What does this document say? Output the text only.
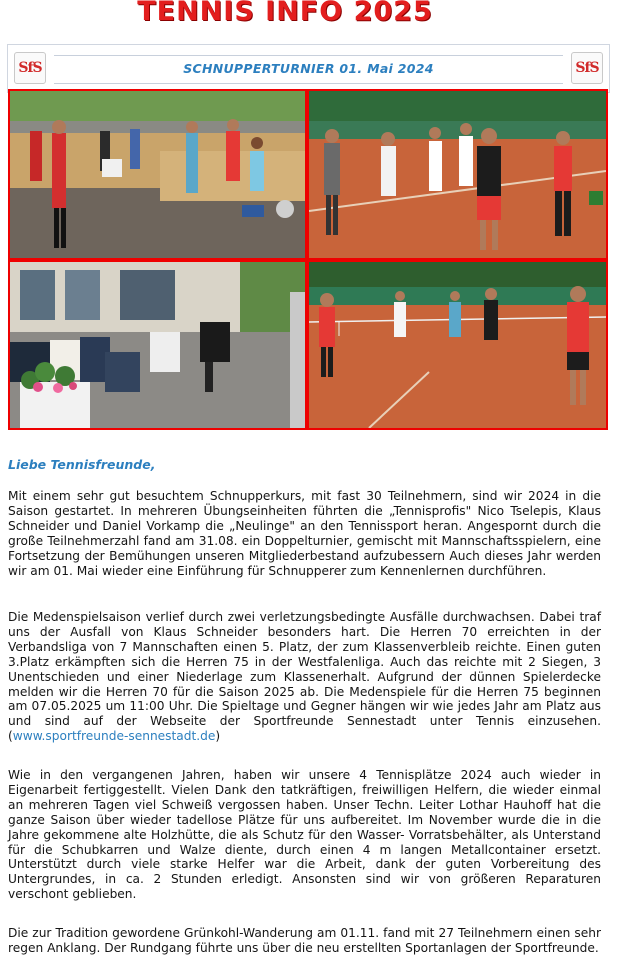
TENNIS INFO 2025
SfS	SCHNUPPERTURNIER 01. Mai 2024	SfS
Liebe Tennisfreunde,

Mit einem sehr gut besuchtem Schnupperkurs, mit fast 30 Teilnehmern, sind wir 2024 in die Saison gestartet. In mehreren Übungseinheiten führten die „Tennisprofis" Nico Tselepis, Klaus Schneider und Daniel Vorkamp die „Neulinge" an den Tennissport heran. Angespornt durch die große Teilnehmerzahl fand am 31.08. ein Doppelturnier, gemischt mit Mannschaftsspielern, eine Fortsetzung der Bemühungen unseren Mitgliederbestand aufzubessern Auch dieses Jahr werden wir am 01. Mai wieder eine Einführung für Schnupperer zum Kennenlernen durchführen.

Die Medenspielsaison verlief durch zwei verletzungsbedingte Ausfälle durchwachsen. Dabei traf uns der Ausfall von Klaus Schneider besonders hart. Die Herren 70 erreichten in der Verbandsliga von 7 Mannschaften einen 5. Platz, der zum Klassenverbleib reichte. Einen guten 3.Platz erkämpften sich die Herren 75 in der Westfalenliga. Auch das reichte mit 2 Siegen, 3 Unentschieden und einer Niederlage zum Klassenerhalt. Aufgrund der dünnen Spielerdecke melden wir die Herren 70 für die Saison 2025 ab. Die Medenspiele für die Herren 75 beginnen am 07.05.2025 um 11:00 Uhr. Die Spieltage und Gegner hängen wir wie jedes Jahr am Platz aus und sind auf der Webseite der Sportfreunde Sennestadt unter Tennis einzusehen. (www.sportfreunde-sennestadt.de)

Wie in den vergangenen Jahren, haben wir unsere 4 Tennisplätze 2024 auch wieder in Eigenarbeit fertiggestellt. Vielen Dank den tatkräftigen, freiwilligen Helfern, die wieder einmal an mehreren Tagen viel Schweiß vergossen haben. Unser Techn. Leiter Lothar Hauhoff hat die ganze Saison über wieder tadellose Plätze für uns aufbereitet. Im November wurde die in die Jahre gekommene alte Holzhütte, die als Schutz für den Wasser- Vorratsbehälter, als Unterstand für die Schubkarren und Walze diente, durch einen 4 m langen Metallcontainer ersetzt. Unterstützt durch viele starke Helfer war die Arbeit, dank der guten Vorbereitung des Untergrundes, in ca. 2 Stunden erledigt. Ansonsten sind wir von größeren Reparaturen verschont geblieben.

Die zur Tradition gewordene Grünkohl-Wanderung am 01.11. fand mit 27 Teilnehmern einen sehr regen Anklang. Der Rundgang führte uns über die neu erstellten Sportanlagen der Sportfreunde.
